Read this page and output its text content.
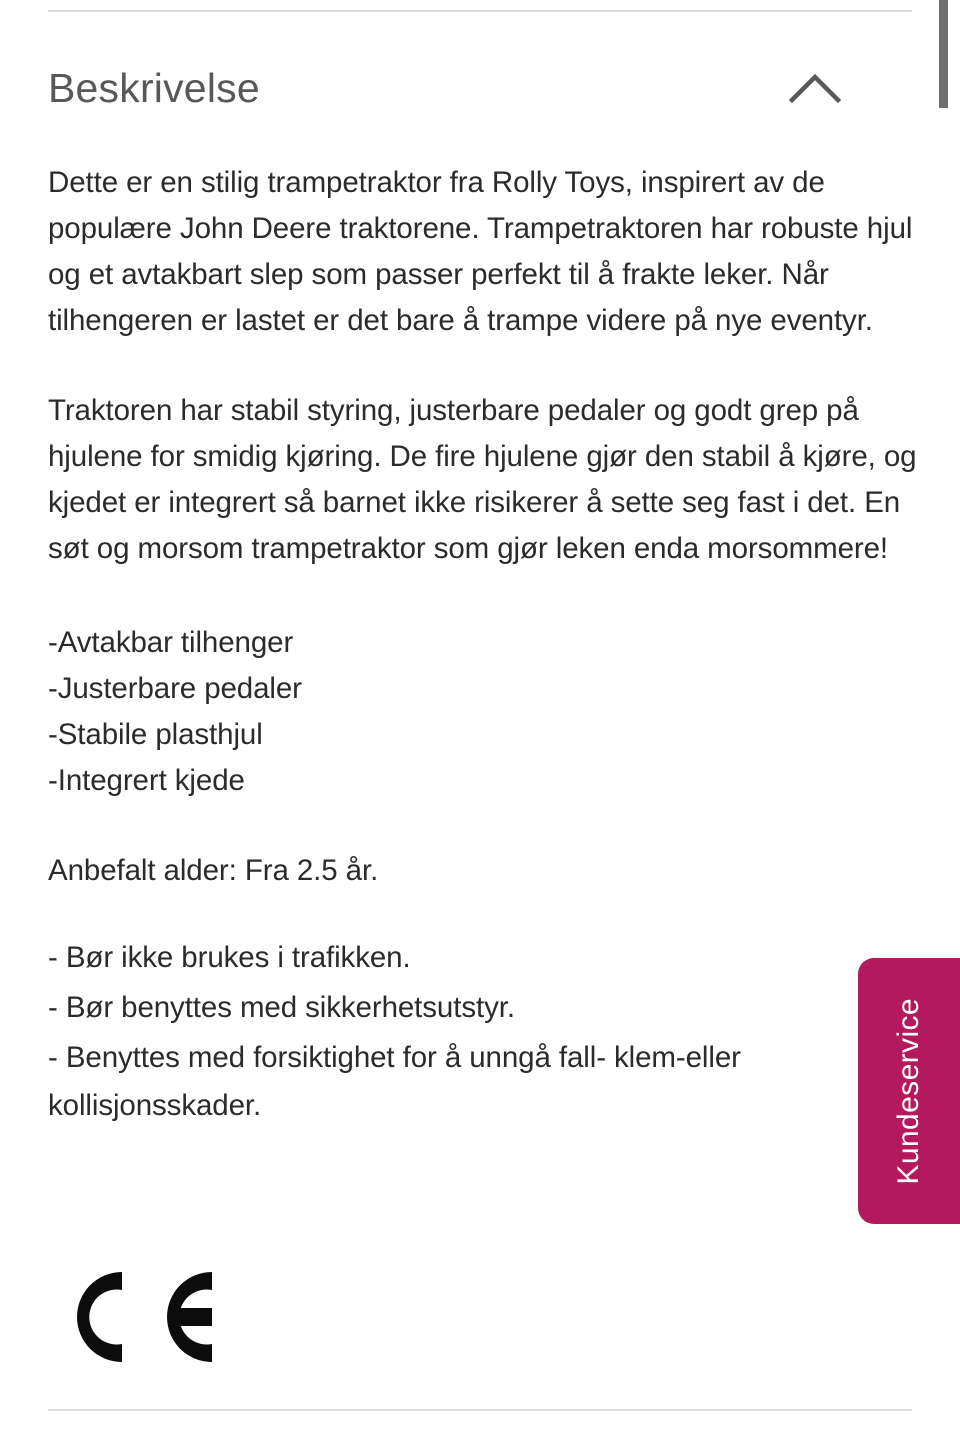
Beskrivelse

Dette er en stilig trampetraktor fra Rolly Toys, inspirert av de populære John Deere traktorene. Trampetraktoren har robuste hjul og et avtakbart slep som passer perfekt til å frakte leker. Når tilhengeren er lastet er det bare å trampe videre på nye eventyr.

Traktoren har stabil styring, justerbare pedaler og godt grep på hjulene for smidig kjøring. De fire hjulene gjør den stabil å kjøre, og kjedet er integrert så barnet ikke risikerer å sette seg fast i det. En søt og morsom trampetraktor som gjør leken enda morsommere!

-Avtakbar tilhenger
-Justerbare pedaler
-Stabile plasthjul
-Integrert kjede
Anbefalt alder: Fra 2.5 år.
- Bør ikke brukes i trafikken.
- Bør benyttes med sikkerhetsutstyr.
- Benyttes med forsiktighet for å unngå fall- klem-eller kollisjonsskader.	Kundeservice
